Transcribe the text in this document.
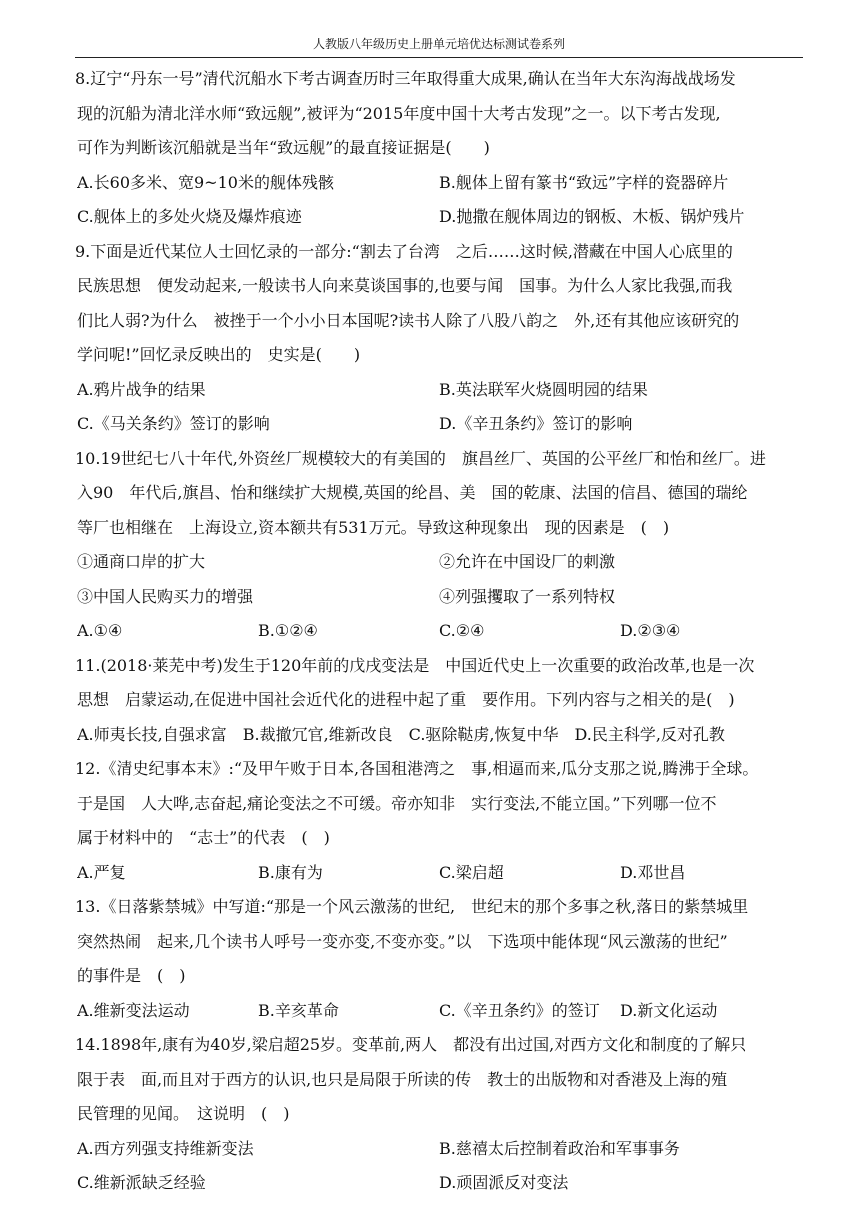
人教版八年级历史上册单元培优达标测试卷系列
8.辽宁“丹东一号”清代沉船水下考古调查历时三年取得重大成果,确认在当年大东沟海战战场发
现的沉船为清北洋水师“致远舰”,被评为“2015年度中国十大考古发现”之一。以下考古发现,
可作为判断该沉船就是当年“致远舰”的最直接证据是(　　)
A.长60多米、宽9~10米的舰体残骸	B.舰体上留有篆书“致远”字样的瓷器碎片
C.舰体上的多处火烧及爆炸痕迹	D.抛撒在舰体周边的钢板、木板、锅炉残片
9.下面是近代某位人士回忆录的一部分:“割去了台湾　之后……这时候,潜藏在中国人心底里的
民族思想　便发动起来,一般读书人向来莫谈国事的,也要与闻　国事。为什么人家比我强,而我
们比人弱?为什么　被挫于一个小小日本国呢?读书人除了八股八韵之　外,还有其他应该研究的
学问呢!”回忆录反映出的　史实是(　　)
A.鸦片战争的结果	B.英法联军火烧圆明园的结果
C.《马关条约》签订的影响	D.《辛丑条约》签订的影响
10.19世纪七八十年代,外资丝厂规模较大的有美国的　旗昌丝厂、英国的公平丝厂和怡和丝厂。进
入90　年代后,旗昌、怡和继续扩大规模,英国的纶昌、美　国的乾康、法国的信昌、德国的瑞纶
等厂也相继在　上海设立,资本额共有531万元。导致这种现象出　现的因素是　(　)
①通商口岸的扩大	②允许在中国设厂的刺激
③中国人民购买力的增强	④列强攫取了一系列特权
A.①④	B.①②④	C.②④	D.②③④
11.(2018·莱芜中考)发生于120年前的戊戌变法是　中国近代史上一次重要的政治改革,也是一次
思想　启蒙运动,在促进中国社会近代化的进程中起了重　要作用。下列内容与之相关的是(　)
A.师夷长技,自强求富　B.裁撤冗官,维新改良　C.驱除鞑虏,恢复中华　D.民主科学,反对孔教
12.《清史纪事本末》:“及甲午败于日本,各国租港湾之　事,相逼而来,瓜分支那之说,腾沸于全球。
于是国　人大哗,志奋起,痛论变法之不可缓。帝亦知非　实行变法,不能立国。”下列哪一位不
属于材料中的　“志士”的代表　(　)
A.严复	B.康有为	C.梁启超	D.邓世昌
13.《日落紫禁城》中写道:“那是一个风云激荡的世纪,　世纪末的那个多事之秋,落日的紫禁城里
突然热闹　起来,几个读书人呼号一变亦变,不变亦变。”以　下选项中能体现“风云激荡的世纪”
的事件是　(　)
A.维新变法运动	B.辛亥革命	C.《辛丑条约》的签订	D.新文化运动
14.1898年,康有为40岁,梁启超25岁。变革前,两人　都没有出过国,对西方文化和制度的了解只
限于表　面,而且对于西方的认识,也只是局限于所读的传　教士的出版物和对香港及上海的殖
民管理的见闻。　这说明　(　)
A.西方列强支持维新变法	B.慈禧太后控制着政治和军事事务
C.维新派缺乏经验	D.顽固派反对变法
